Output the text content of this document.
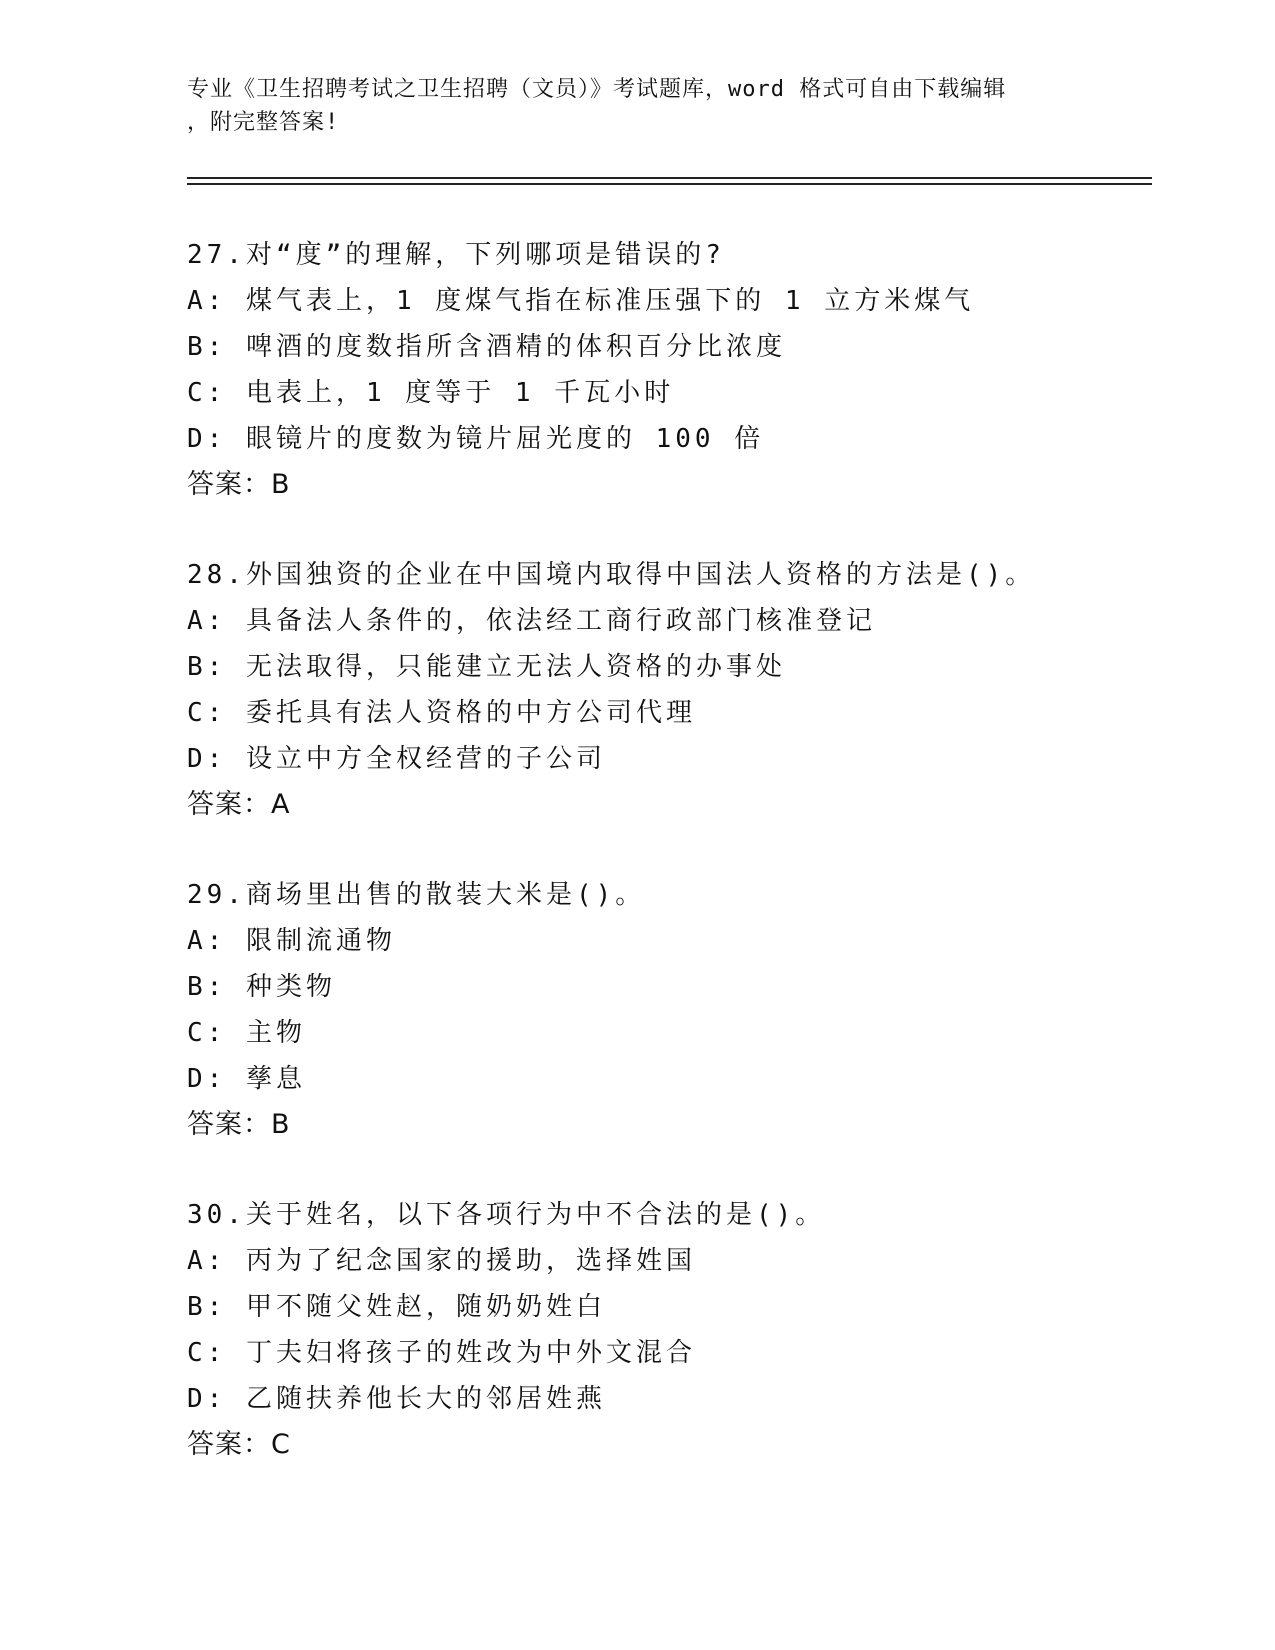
专业《卫生招聘考试之卫生招聘（文员）》考试题库，word 格式可自由下载编辑
，附完整答案!
27.对“度”的理解，下列哪项是错误的?
A: 煤气表上，1 度煤气指在标准压强下的 1 立方米煤气
B: 啤酒的度数指所含酒精的体积百分比浓度
C: 电表上，1 度等于 1 千瓦小时
D: 眼镜片的度数为镜片屈光度的 100 倍
答案：B
28.外国独资的企业在中国境内取得中国法人资格的方法是()。
A: 具备法人条件的，依法经工商行政部门核准登记
B: 无法取得，只能建立无法人资格的办事处
C: 委托具有法人资格的中方公司代理
D: 设立中方全权经营的子公司
答案：A
29.商场里出售的散装大米是()。
A: 限制流通物
B: 种类物
C: 主物
D: 孳息
答案：B
30.关于姓名，以下各项行为中不合法的是()。
A: 丙为了纪念国家的援助，选择姓国
B: 甲不随父姓赵，随奶奶姓白
C: 丁夫妇将孩子的姓改为中外文混合
D: 乙随扶养他长大的邻居姓燕
答案：C
